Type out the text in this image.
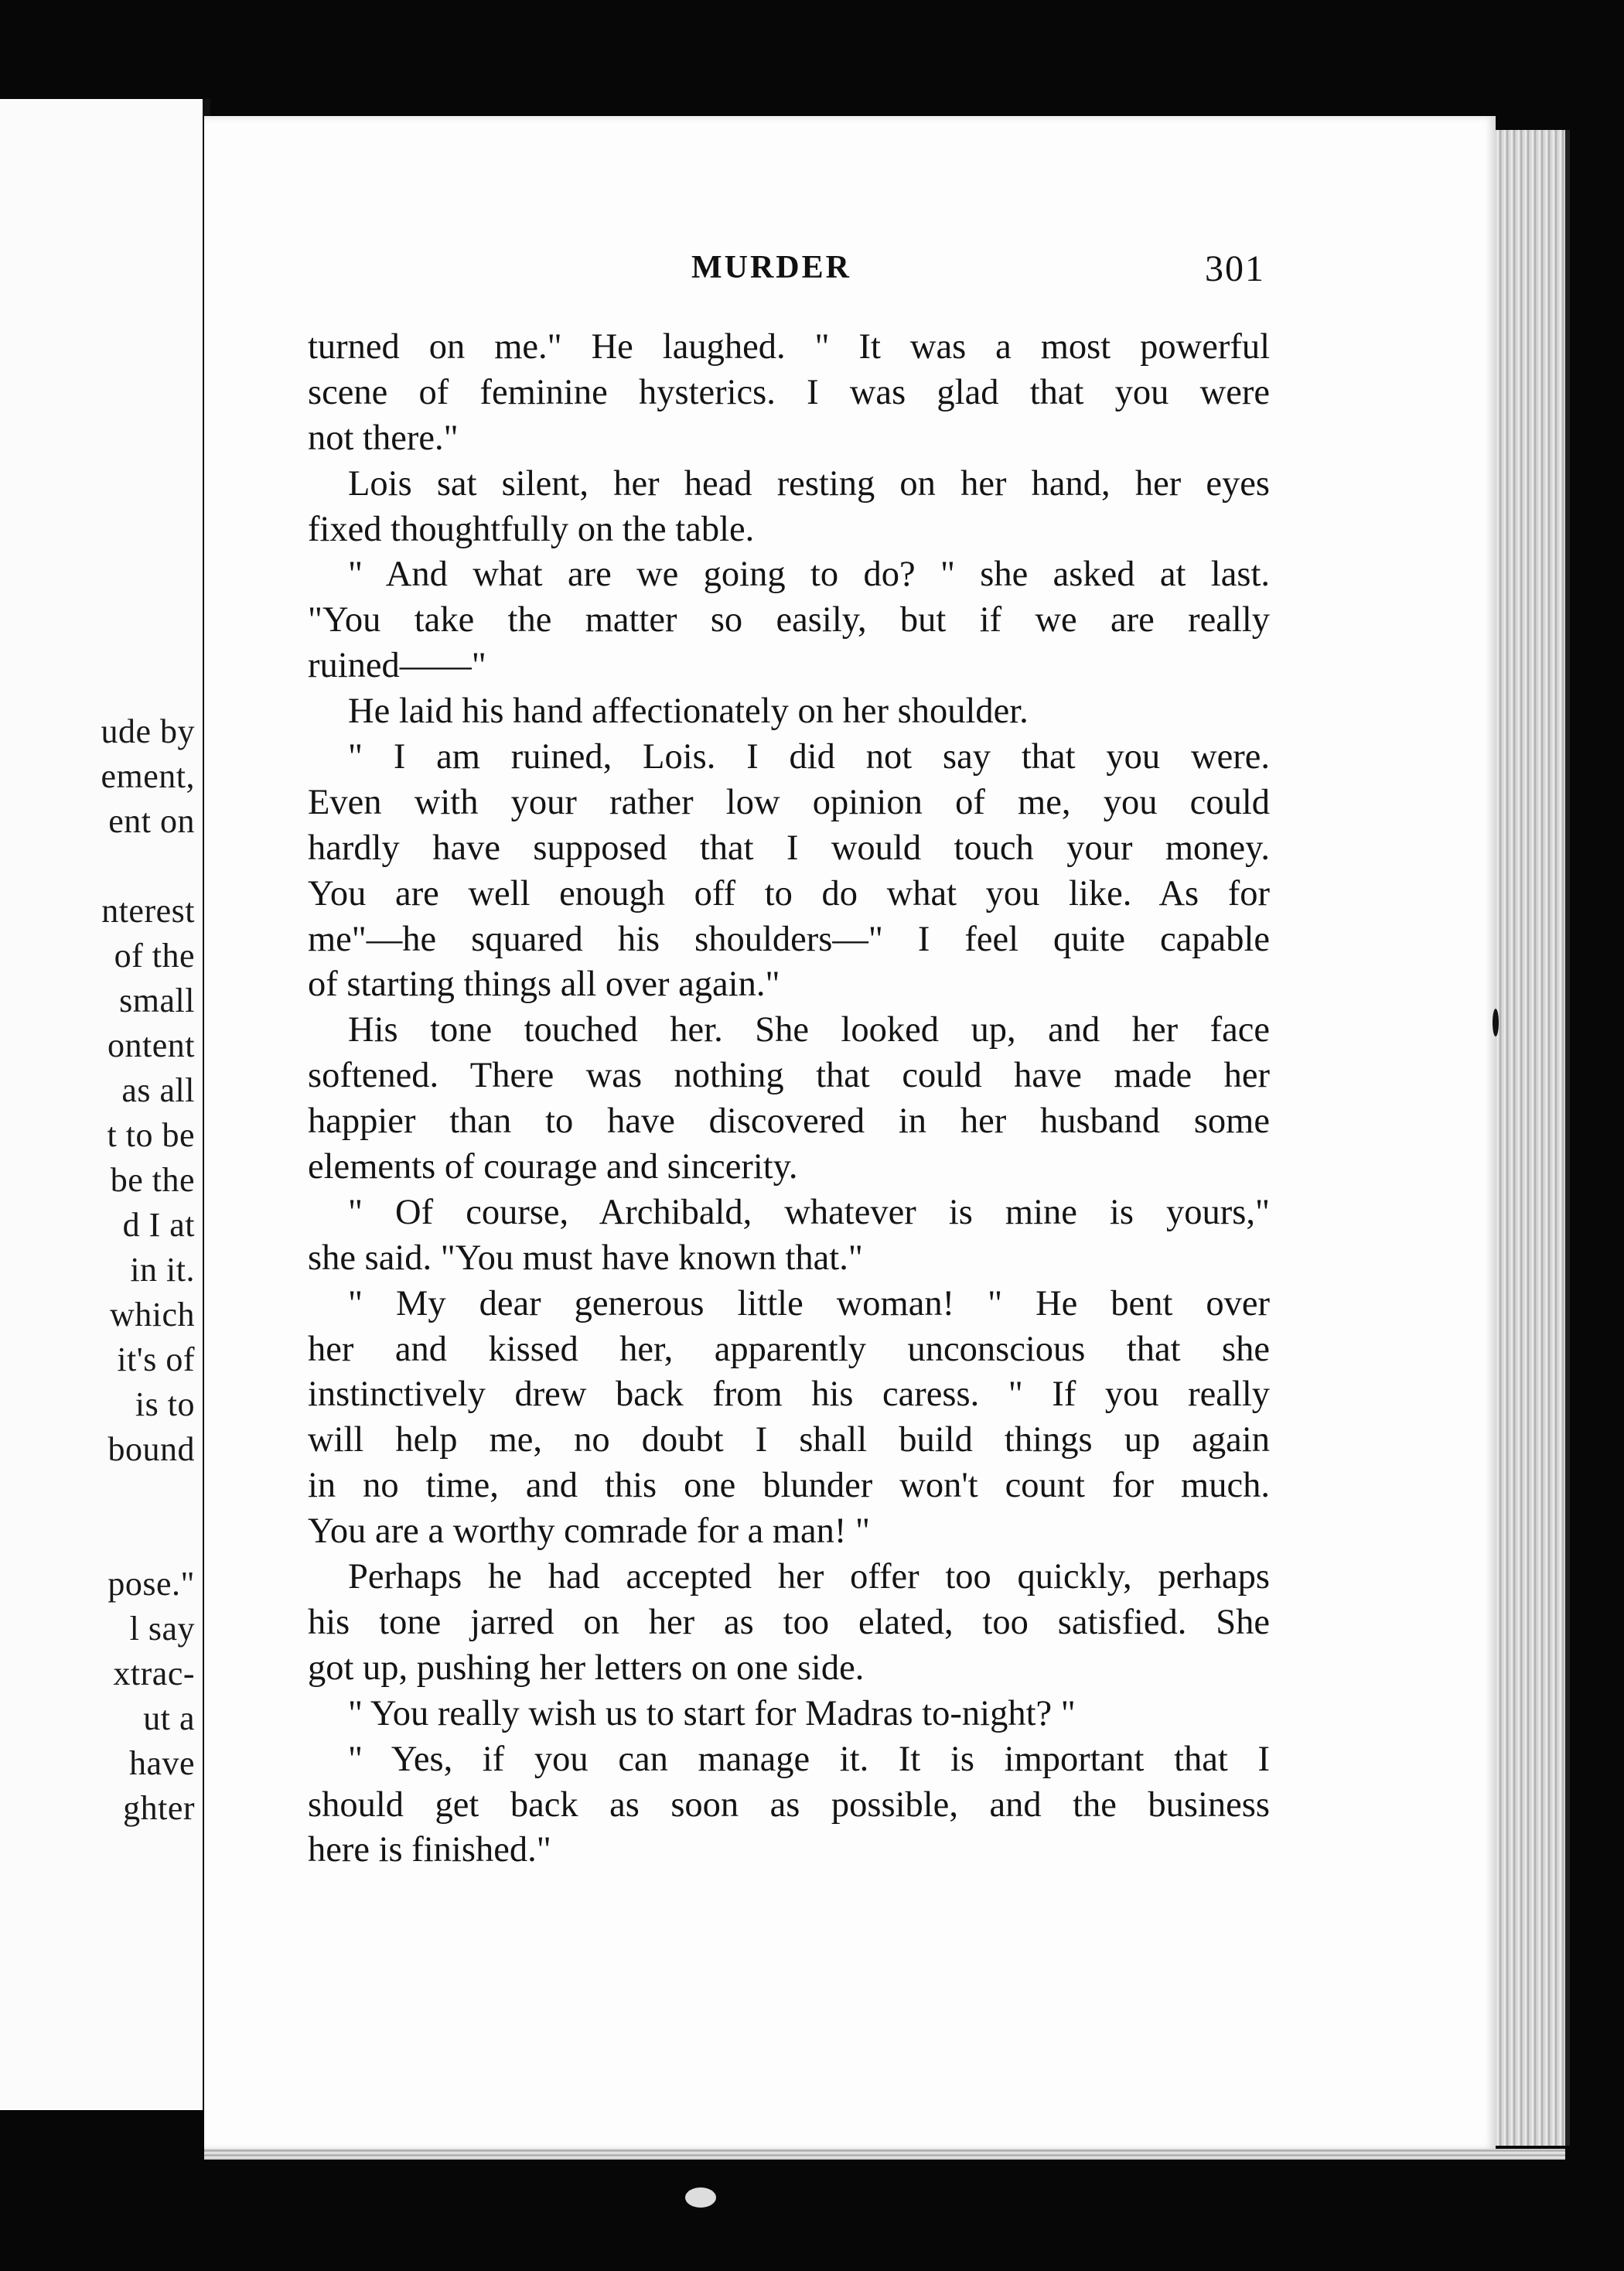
ude by
ement,
ent on
nterest
of the
small
ontent
as all
t to be
be the
d I at
in it.
which
it's of
is to
bound
pose."
l say
xtrac-
ut a
have
ghter
MURDER	301
turned on me." He laughed. " It was a most powerful
scene of feminine hysterics. I was glad that you were
not there."
Lois sat silent, her head resting on her hand, her eyes
fixed thoughtfully on the table.
" And what are we going to do? " she asked at last.
"You take the matter so easily, but if we are really
ruined——"
He laid his hand affectionately on her shoulder.
" I am ruined, Lois. I did not say that you were.
Even with your rather low opinion of me, you could
hardly have supposed that I would touch your money.
You are well enough off to do what you like. As for
me"—he squared his shoulders—" I feel quite capable
of starting things all over again."
His tone touched her. She looked up, and her face
softened. There was nothing that could have made her
happier than to have discovered in her husband some
elements of courage and sincerity.
" Of course, Archibald, whatever is mine is yours,"
she said. "You must have known that."
" My dear generous little woman! " He bent over
her and kissed her, apparently unconscious that she
instinctively drew back from his caress. " If you really
will help me, no doubt I shall build things up again
in no time, and this one blunder won't count for much.
You are a worthy comrade for a man! "
Perhaps he had accepted her offer too quickly, perhaps
his tone jarred on her as too elated, too satisfied. She
got up, pushing her letters on one side.
" You really wish us to start for Madras to-night? "
" Yes, if you can manage it. It is important that I
should get back as soon as possible, and the business
here is finished."
